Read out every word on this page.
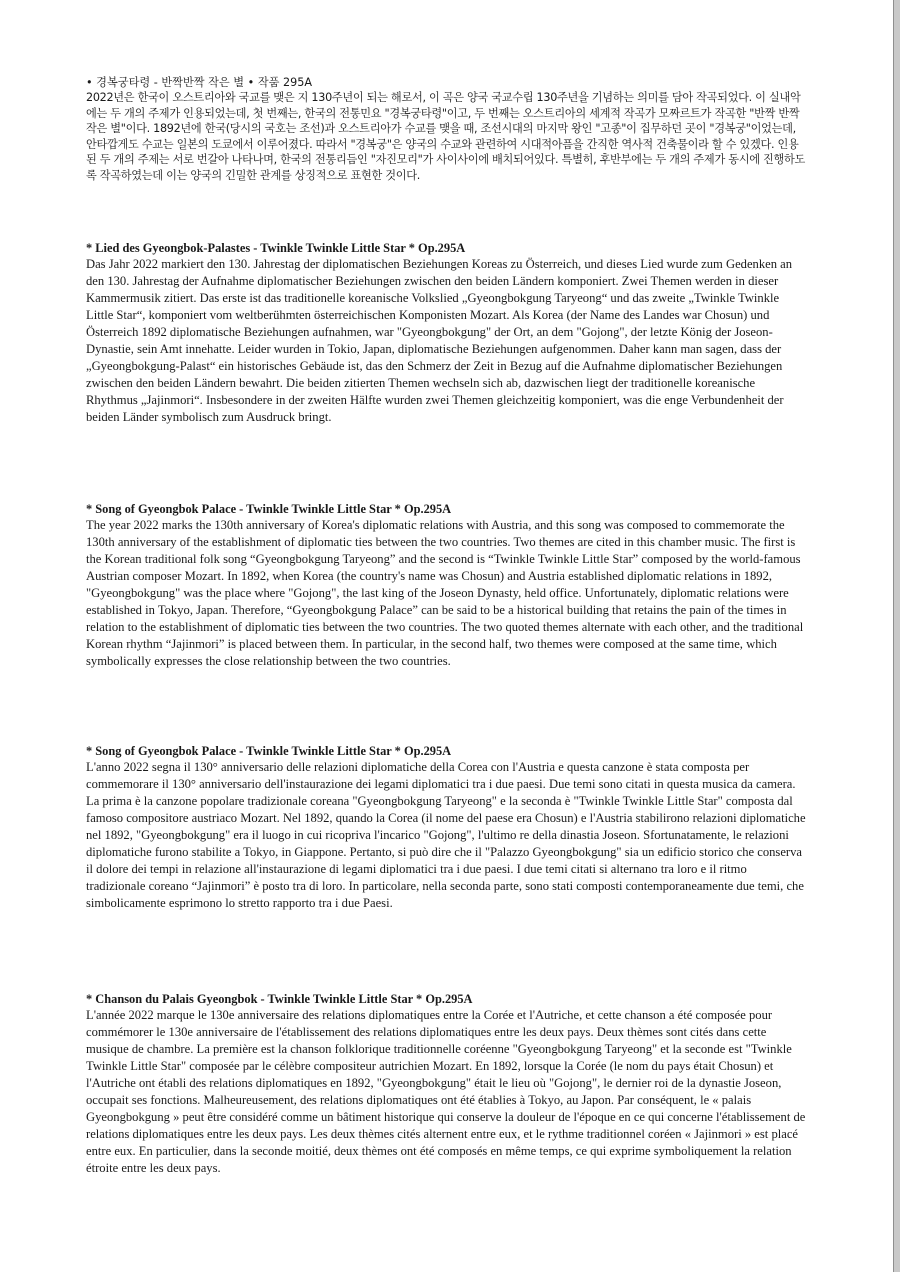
• 경복궁타령 - 반짝반짝 작은 별 • 작품 295A

2022년은 한국이 오스트리아와 국교를 맺은 지 130주년이 되는 해로서, 이 곡은 양국 국교수립 130주년을 기념하는 의미를 담아 작곡되었다. 이 실내악에는 두 개의 주제가 인용되었는데, 첫 번째는, 한국의 전통민요 "경복궁타령"이고, 두 번째는 오스트리아의 세계적 작곡가 모짜르트가 작곡한 "반짝 반짝 작은 별"이다. 1892년에 한국(당시의 국호는 조선)과 오스트리아가 수교를 맺을 때, 조선시대의 마지막 왕인 "고종"이 집무하던 곳이 "경복궁"이었는데, 안타깝게도 수교는 일본의 도쿄에서 이루어졌다. 따라서 "경복궁"은 양국의 수교와 관련하여 시대적아픔을 간직한 역사적 건축물이라 할 수 있겠다. 인용된 두 개의 주제는 서로 번갈아 나타나며, 한국의 전통리듬인 "자진모리"가 사이사이에 배치되어있다. 특별히, 후반부에는 두 개의 주제가 동시에 진행하도록 작곡하였는데 이는 양국의 긴밀한 관계를 상징적으로 표현한 것이다.

* Lied des Gyeongbok-Palastes - Twinkle Twinkle Little Star * Op.295A

Das Jahr 2022 markiert den 130. Jahrestag der diplomatischen Beziehungen Koreas zu Österreich, und dieses Lied wurde zum Gedenken an den 130. Jahrestag der Aufnahme diplomatischer Beziehungen zwischen den beiden Ländern komponiert. Zwei Themen werden in dieser Kammermusik zitiert. Das erste ist das traditionelle koreanische Volkslied „Gyeongbokgung Taryeong“ und das zweite „Twinkle Twinkle Little Star“, komponiert vom weltberühmten österreichischen Komponisten Mozart. Als Korea (der Name des Landes war Chosun) und Österreich 1892 diplomatische Beziehungen aufnahmen, war "Gyeongbokgung" der Ort, an dem "Gojong", der letzte König der Joseon-Dynastie, sein Amt innehatte. Leider wurden in Tokio, Japan, diplomatische Beziehungen aufgenommen. Daher kann man sagen, dass der „Gyeongbokgung-Palast“ ein historisches Gebäude ist, das den Schmerz der Zeit in Bezug auf die Aufnahme diplomatischer Beziehungen zwischen den beiden Ländern bewahrt. Die beiden zitierten Themen wechseln sich ab, dazwischen liegt der traditionelle koreanische Rhythmus „Jajinmori“. Insbesondere in der zweiten Hälfte wurden zwei Themen gleichzeitig komponiert, was die enge Verbundenheit der beiden Länder symbolisch zum Ausdruck bringt.

* Song of Gyeongbok Palace - Twinkle Twinkle Little Star * Op.295A

The year 2022 marks the 130th anniversary of Korea's diplomatic relations with Austria, and this song was composed to commemorate the 130th anniversary of the establishment of diplomatic ties between the two countries. Two themes are cited in this chamber music. The first is the Korean traditional folk song “Gyeongbokgung Taryeong” and the second is “Twinkle Twinkle Little Star” composed by the world-famous Austrian composer Mozart. In 1892, when Korea (the country's name was Chosun) and Austria established diplomatic relations in 1892, "Gyeongbokgung" was the place where "Gojong", the last king of the Joseon Dynasty, held office. Unfortunately, diplomatic relations were established in Tokyo, Japan. Therefore, “Gyeongbokgung Palace” can be said to be a historical building that retains the pain of the times in relation to the establishment of diplomatic ties between the two countries. The two quoted themes alternate with each other, and the traditional Korean rhythm “Jajinmori” is placed between them. In particular, in the second half, two themes were composed at the same time, which symbolically expresses the close relationship between the two countries.

* Song of Gyeongbok Palace - Twinkle Twinkle Little Star * Op.295A

L'anno 2022 segna il 130° anniversario delle relazioni diplomatiche della Corea con l'Austria e questa canzone è stata composta per commemorare il 130° anniversario dell'instaurazione dei legami diplomatici tra i due paesi. Due temi sono citati in questa musica da camera. La prima è la canzone popolare tradizionale coreana "Gyeongbokgung Taryeong" e la seconda è "Twinkle Twinkle Little Star" composta dal famoso compositore austriaco Mozart. Nel 1892, quando la Corea (il nome del paese era Chosun) e l'Austria stabilirono relazioni diplomatiche nel 1892, "Gyeongbokgung" era il luogo in cui ricopriva l'incarico "Gojong", l'ultimo re della dinastia Joseon. Sfortunatamente, le relazioni diplomatiche furono stabilite a Tokyo, in Giappone. Pertanto, si può dire che il "Palazzo Gyeongbokgung" sia un edificio storico che conserva il dolore dei tempi in relazione all'instaurazione di legami diplomatici tra i due paesi. I due temi citati si alternano tra loro e il ritmo tradizionale coreano “Jajinmori” è posto tra di loro. In particolare, nella seconda parte, sono stati composti contemporaneamente due temi, che simbolicamente esprimono lo stretto rapporto tra i due Paesi.

* Chanson du Palais Gyeongbok - Twinkle Twinkle Little Star * Op.295A

L'année 2022 marque le 130e anniversaire des relations diplomatiques entre la Corée et l'Autriche, et cette chanson a été composée pour commémorer le 130e anniversaire de l'établissement des relations diplomatiques entre les deux pays. Deux thèmes sont cités dans cette musique de chambre. La première est la chanson folklorique traditionnelle coréenne "Gyeongbokgung Taryeong" et la seconde est "Twinkle Twinkle Little Star" composée par le célèbre compositeur autrichien Mozart. En 1892, lorsque la Corée (le nom du pays était Chosun) et l'Autriche ont établi des relations diplomatiques en 1892, "Gyeongbokgung" était le lieu où "Gojong", le dernier roi de la dynastie Joseon, occupait ses fonctions. Malheureusement, des relations diplomatiques ont été établies à Tokyo, au Japon. Par conséquent, le « palais Gyeongbokgung » peut être considéré comme un bâtiment historique qui conserve la douleur de l'époque en ce qui concerne l'établissement de relations diplomatiques entre les deux pays. Les deux thèmes cités alternent entre eux, et le rythme traditionnel coréen « Jajinmori » est placé entre eux. En particulier, dans la seconde moitié, deux thèmes ont été composés en même temps, ce qui exprime symboliquement la relation étroite entre les deux pays.
